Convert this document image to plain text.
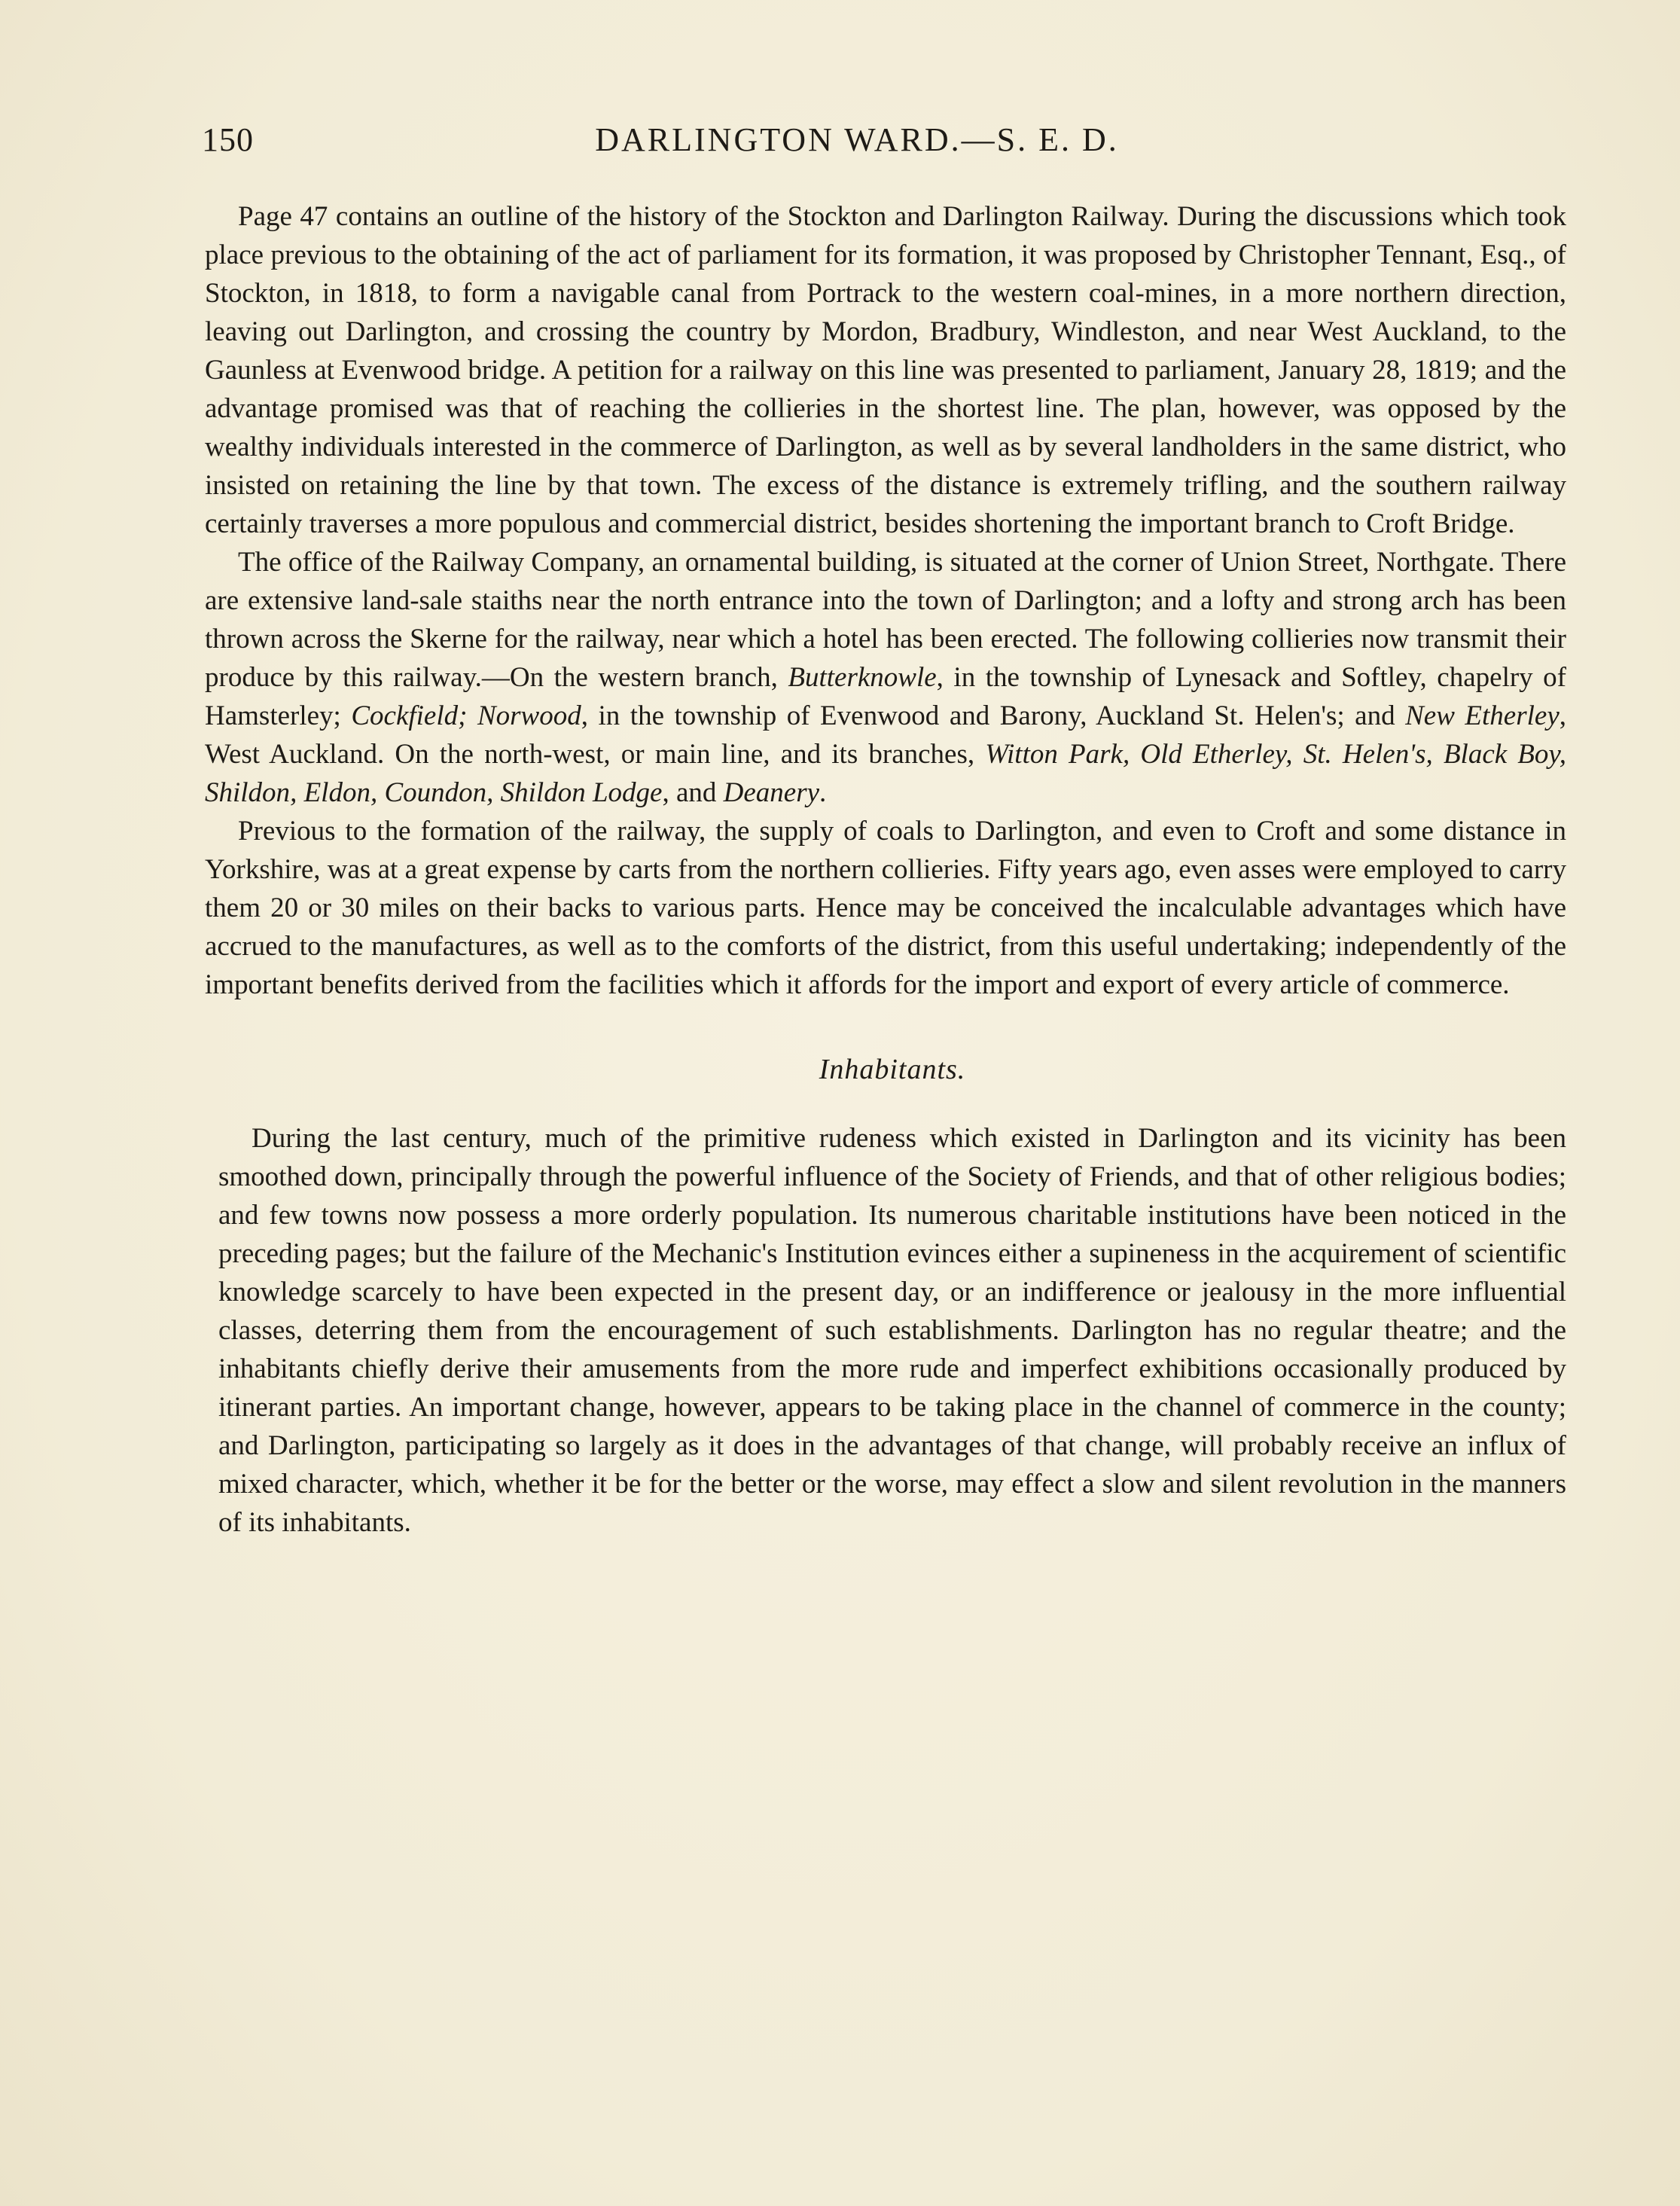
150	DARLINGTON WARD.—S. E. D.

Page 47 contains an outline of the history of the Stockton and Darlington Railway. During the discussions which took place previous to the obtaining of the act of parliament for its formation, it was proposed by Christopher Tennant, Esq., of Stockton, in 1818, to form a navigable canal from Portrack to the western coal-mines, in a more northern direction, leaving out Darlington, and crossing the country by Mordon, Bradbury, Windleston, and near West Auckland, to the Gaunless at Evenwood bridge. A petition for a railway on this line was presented to parliament, January 28, 1819; and the advantage promised was that of reaching the collieries in the shortest line. The plan, however, was opposed by the wealthy individuals interested in the commerce of Darlington, as well as by several landholders in the same district, who insisted on retaining the line by that town. The excess of the distance is extremely trifling, and the southern railway certainly traverses a more populous and commercial district, besides shortening the important branch to Croft Bridge.

The office of the Railway Company, an ornamental building, is situated at the corner of Union Street, Northgate. There are extensive land-sale staiths near the north entrance into the town of Darlington; and a lofty and strong arch has been thrown across the Skerne for the railway, near which a hotel has been erected. The following collieries now transmit their produce by this railway.—On the western branch, Butterknowle, in the township of Lynesack and Softley, chapelry of Hamsterley; Cockfield; Norwood, in the township of Evenwood and Barony, Auckland St. Helen's; and New Etherley, West Auckland. On the north-west, or main line, and its branches, Witton Park, Old Etherley, St. Helen's, Black Boy, Shildon, Eldon, Coundon, Shildon Lodge, and Deanery.

Previous to the formation of the railway, the supply of coals to Darlington, and even to Croft and some distance in Yorkshire, was at a great expense by carts from the northern collieries. Fifty years ago, even asses were employed to carry them 20 or 30 miles on their backs to various parts. Hence may be conceived the incalculable advantages which have accrued to the manufactures, as well as to the comforts of the district, from this useful undertaking; independently of the important benefits derived from the facilities which it affords for the import and export of every article of commerce.

Inhabitants.

During the last century, much of the primitive rudeness which existed in Darlington and its vicinity has been smoothed down, principally through the powerful influence of the Society of Friends, and that of other religious bodies; and few towns now possess a more orderly population. Its numerous charitable institutions have been noticed in the preceding pages; but the failure of the Mechanic's Institution evinces either a supineness in the acquirement of scientific knowledge scarcely to have been expected in the present day, or an indifference or jealousy in the more influential classes, deterring them from the encouragement of such establishments. Darlington has no regular theatre; and the inhabitants chiefly derive their amusements from the more rude and imperfect exhibitions occasionally produced by itinerant parties. An important change, however, appears to be taking place in the channel of commerce in the county; and Darlington, participating so largely as it does in the advantages of that change, will probably receive an influx of mixed character, which, whether it be for the better or the worse, may effect a slow and silent revolution in the manners of its inhabitants.
